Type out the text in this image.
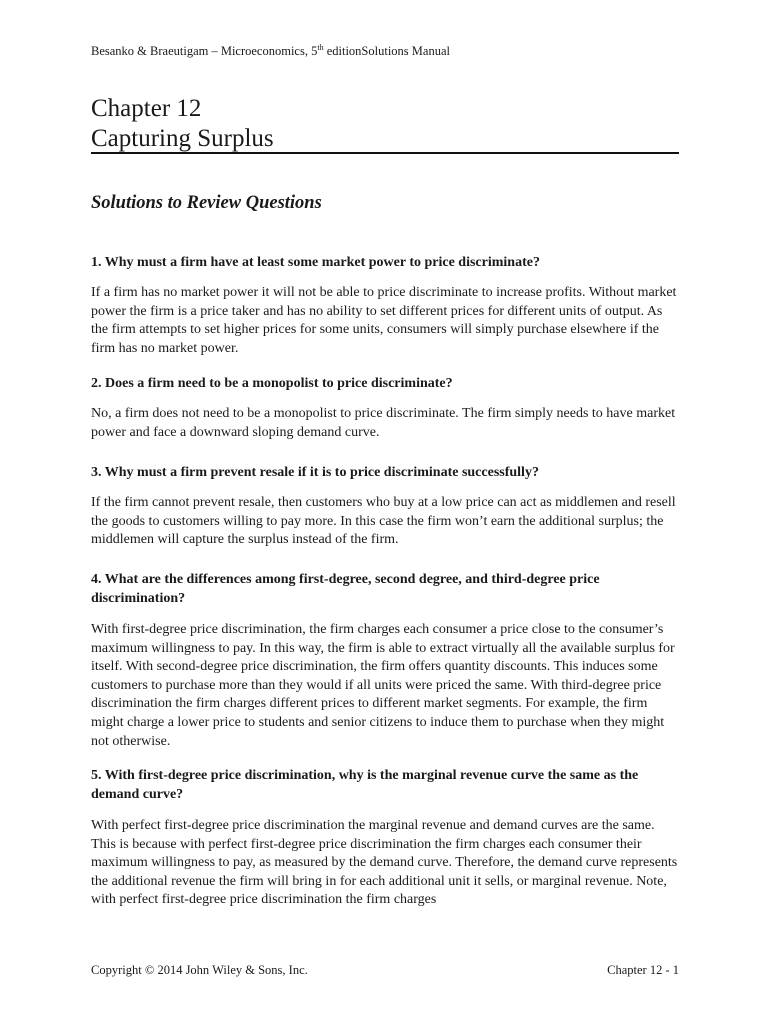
Besanko & Braeutigam – Microeconomics, 5th editionSolutions Manual
Chapter 12
Capturing Surplus
Solutions to Review Questions

1. Why must a firm have at least some market power to price discriminate?

If a firm has no market power it will not be able to price discriminate to increase profits. Without market power the firm is a price taker and has no ability to set different prices for different units of output. As the firm attempts to set higher prices for some units, consumers will simply purchase elsewhere if the firm has no market power.

2. Does a firm need to be a monopolist to price discriminate?

No, a firm does not need to be a monopolist to price discriminate. The firm simply needs to have market power and face a downward sloping demand curve.

3. Why must a firm prevent resale if it is to price discriminate successfully?

If the firm cannot prevent resale, then customers who buy at a low price can act as middlemen and resell the goods to customers willing to pay more. In this case the firm won’t earn the additional surplus; the middlemen will capture the surplus instead of the firm.

4. What are the differences among first-degree, second degree, and third-degree price discrimination?

With first-degree price discrimination, the firm charges each consumer a price close to the consumer’s maximum willingness to pay. In this way, the firm is able to extract virtually all the available surplus for itself. With second-degree price discrimination, the firm offers quantity discounts. This induces some customers to purchase more than they would if all units were priced the same. With third-degree price discrimination the firm charges different prices to different market segments. For example, the firm might charge a lower price to students and senior citizens to induce them to purchase when they might not otherwise.

5. With first-degree price discrimination, why is the marginal revenue curve the same as the demand curve?

With perfect first-degree price discrimination the marginal revenue and demand curves are the same. This is because with perfect first-degree price discrimination the firm charges each consumer their maximum willingness to pay, as measured by the demand curve. Therefore, the demand curve represents the additional revenue the firm will bring in for each additional unit it sells, or marginal revenue. Note, with perfect first-degree price discrimination the firm charges

Copyright © 2014 John Wiley & Sons, Inc.	Chapter 12 - 1
